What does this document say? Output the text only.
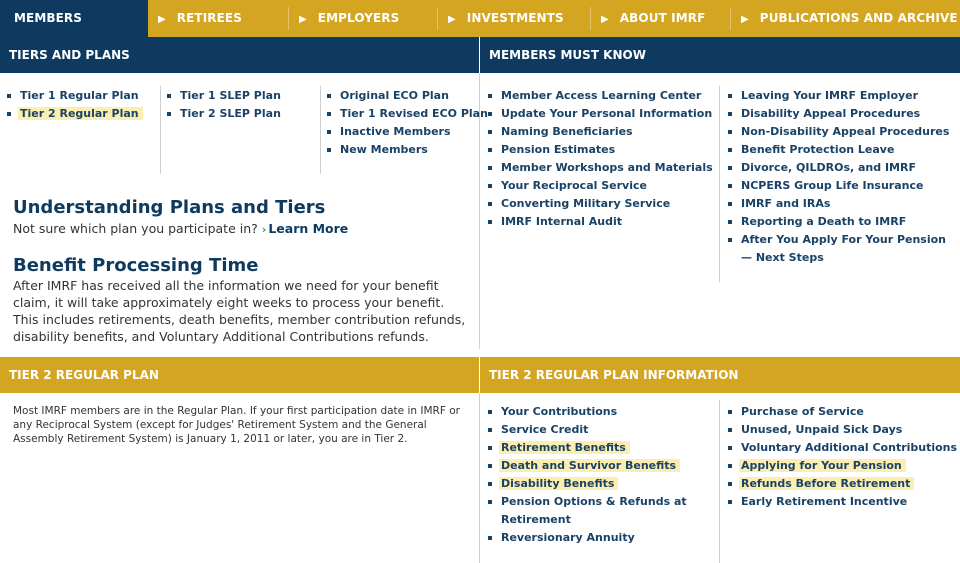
MEMBERS	▶ RETIREES	▶ EMPLOYERS	▶ INVESTMENTS	▶ ABOUT IMRF	▶ PUBLICATIONS AND ARCHIVE
TIERS AND PLANS	MEMBERS MUST KNOW
Tier 1 Regular Plan
Tier 2 Regular Plan
Tier 1 SLEP Plan
Tier 2 SLEP Plan
Original ECO Plan
Tier 1 Revised ECO Plan
Inactive Members
New Members
Understanding Plans and Tiers
Not sure which plan you participate in? › Learn More
Benefit Processing Time
After IMRF has received all the information we need for your benefit claim, it will take approximately eight weeks to process your benefit. This includes retirements, death benefits, member contribution refunds, disability benefits, and Voluntary Additional Contributions refunds.
Member Access Learning Center
Update Your Personal Information
Naming Beneficiaries
Pension Estimates
Member Workshops and Materials
Your Reciprocal Service
Converting Military Service
IMRF Internal Audit
Leaving Your IMRF Employer
Disability Appeal Procedures
Non-Disability Appeal Procedures
Benefit Protection Leave
Divorce, QILDROs, and IMRF
NCPERS Group Life Insurance
IMRF and IRAs
Reporting a Death to IMRF
After You Apply For Your Pension
— Next Steps
TIER 2 REGULAR PLAN	TIER 2 REGULAR PLAN INFORMATION
Most IMRF members are in the Regular Plan. If your first participation date in IMRF or any Reciprocal System (except for Judges' Retirement System and the General Assembly Retirement System) is January 1, 2011 or later, you are in Tier 2.
Your Contributions
Service Credit
Retirement Benefits
Death and Survivor Benefits
Disability Benefits
Pension Options & Refunds at
Retirement
Reversionary Annuity
Purchase of Service
Unused, Unpaid Sick Days
Voluntary Additional Contributions
Applying for Your Pension
Refunds Before Retirement
Early Retirement Incentive
